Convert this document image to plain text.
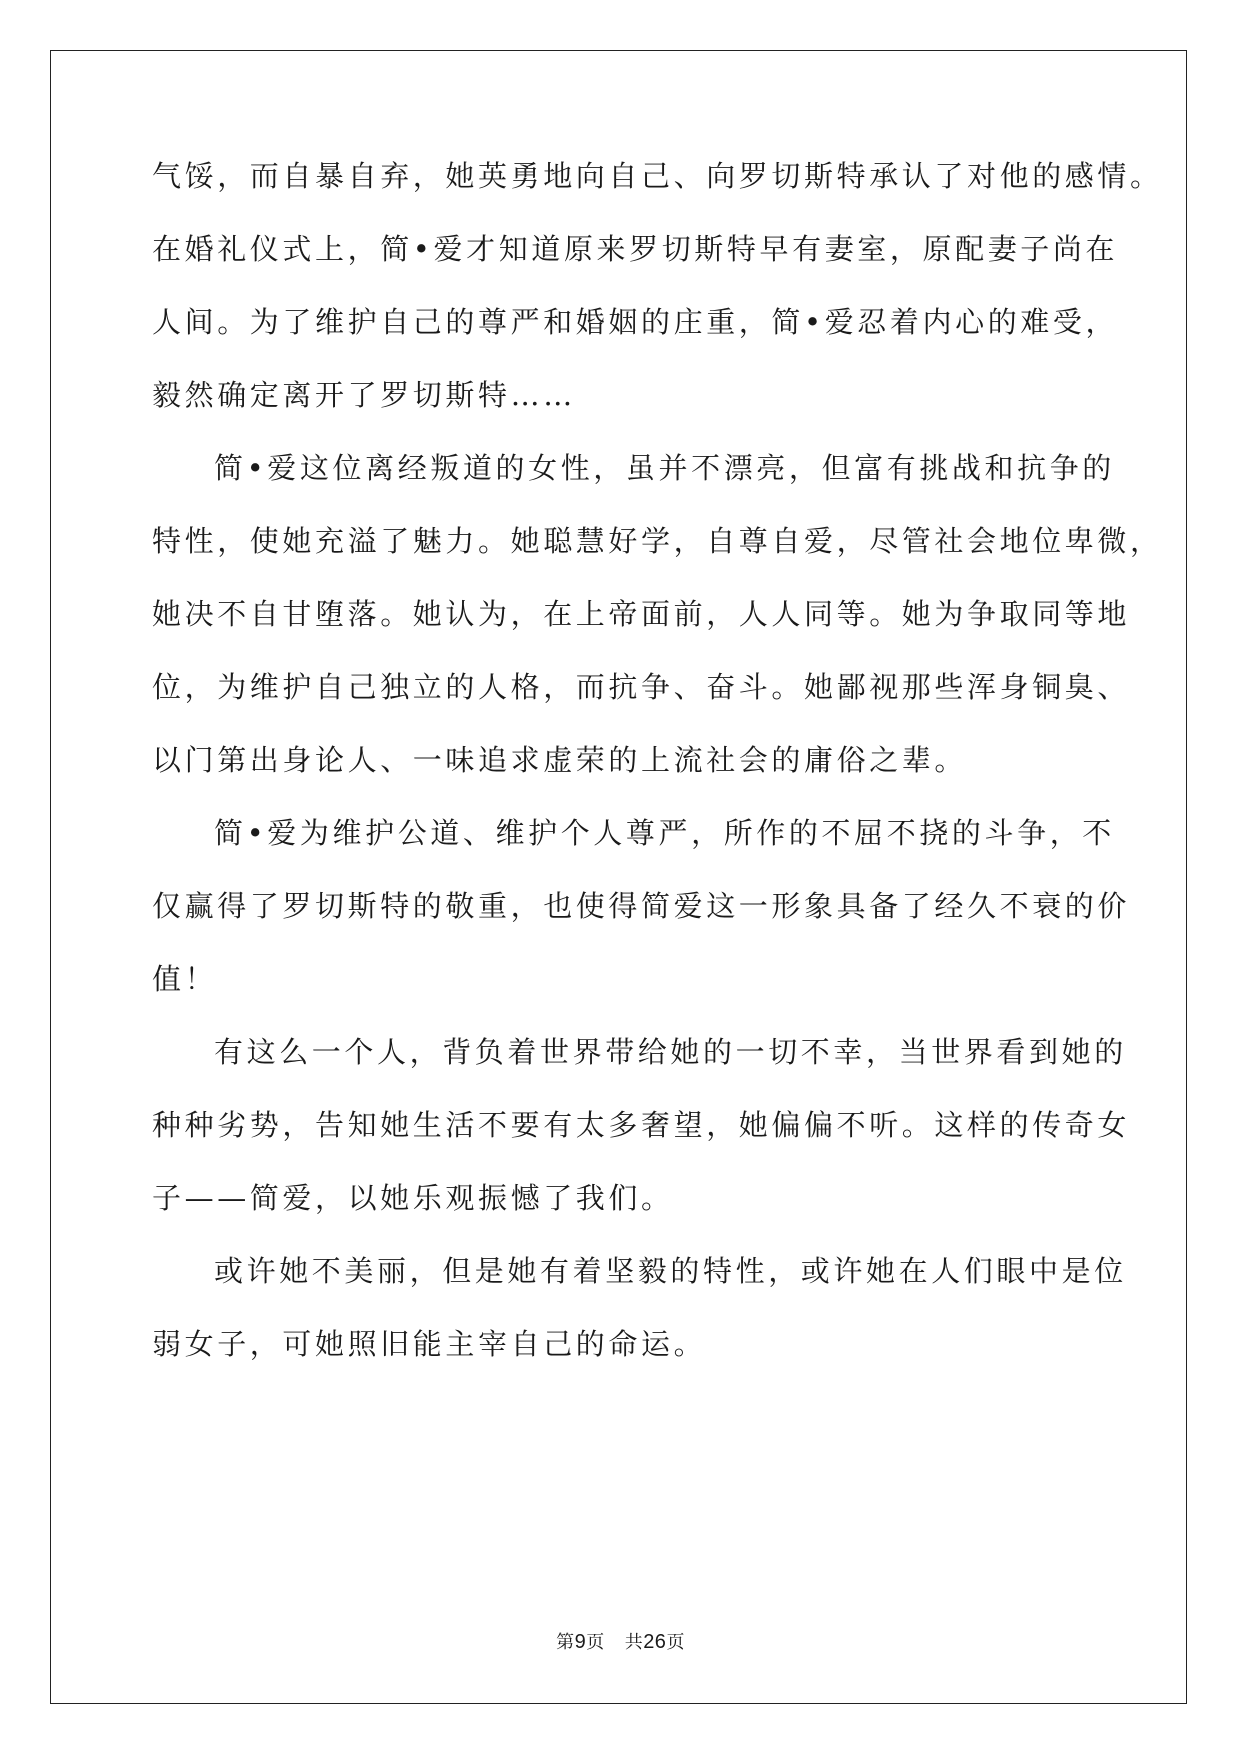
气馁，而自暴自弃，她英勇地向自己、向罗切斯特承认了对他的感情。
在婚礼仪式上，简•爱才知道原来罗切斯特早有妻室，原配妻子尚在
人间。为了维护自己的尊严和婚姻的庄重，简•爱忍着内心的难受，
毅然确定离开了罗切斯特……
简•爱这位离经叛道的女性，虽并不漂亮，但富有挑战和抗争的
特性，使她充溢了魅力。她聪慧好学，自尊自爱，尽管社会地位卑微，
她决不自甘堕落。她认为，在上帝面前，人人同等。她为争取同等地
位，为维护自己独立的人格，而抗争、奋斗。她鄙视那些浑身铜臭、
以门第出身论人、一味追求虚荣的上流社会的庸俗之辈。
简•爱为维护公道、维护个人尊严，所作的不屈不挠的斗争，不
仅赢得了罗切斯特的敬重，也使得简爱这一形象具备了经久不衰的价
值！
有这么一个人，背负着世界带给她的一切不幸，当世界看到她的
种种劣势，告知她生活不要有太多奢望，她偏偏不听。这样的传奇女
子——简爱，以她乐观振憾了我们。
或许她不美丽，但是她有着坚毅的特性，或许她在人们眼中是位
弱女子，可她照旧能主宰自己的命运。
第9页 共26页
